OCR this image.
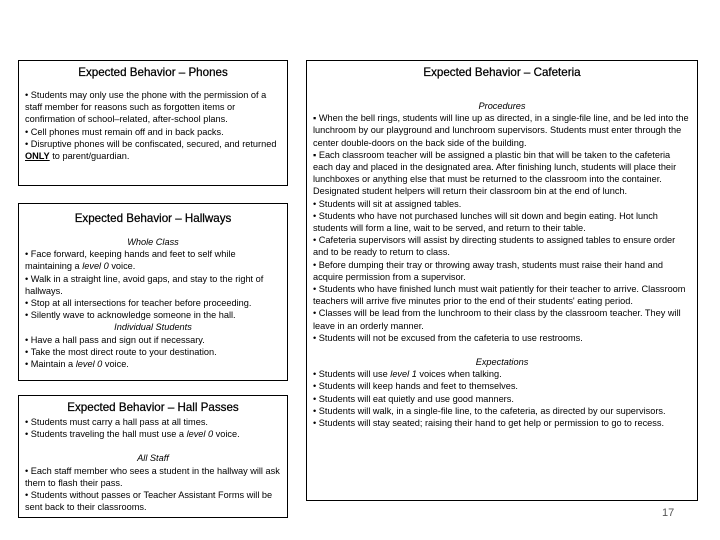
Expected Behavior – Phones
• Students may only use the phone with the permission of a staff member for reasons such as forgotten items or confirmation of school–related, after-school plans.
• Cell phones must remain off and in back packs.
• Disruptive phones will be confiscated, secured, and returned ONLY to parent/guardian.
Expected Behavior – Hallways
Whole Class
• Face forward, keeping hands and feet to self while maintaining a level 0 voice.
• Walk in a straight line, avoid gaps, and stay to the right of hallways.
• Stop at all intersections for teacher before proceeding.
• Silently wave to acknowledge someone in the hall.
Individual Students
• Have a hall pass and sign out if necessary.
• Take the most direct route to your destination.
• Maintain a level 0 voice.
Expected Behavior – Hall Passes
• Students must carry a hall pass at all times.
• Students traveling the hall must use a level 0 voice.
All Staff
• Each staff member who sees a student in the hallway will ask them to flash their pass.
• Students without passes or Teacher Assistant Forms will be sent back to their classrooms.
Expected Behavior – Cafeteria
Procedures
▪ When the bell rings, students will line up as directed, in a single-file line, and be led into the lunchroom by our playground and lunchroom supervisors. Students must enter through the center double-doors on the back side of the building.
▪ Each classroom teacher will be assigned a plastic bin that will be taken to the cafeteria each day and placed in the designated area. After finishing lunch, students will place their lunchboxes or anything else that must be returned to the classroom into the container. Designated student helpers will return their classroom bin at the end of lunch.
• Students will sit at assigned tables.
• Students who have not purchased lunches will sit down and begin eating. Hot lunch students will form a line, wait to be served, and return to their table.
• Cafeteria supervisors will assist by directing students to assigned tables to ensure order and to be ready to return to class.
• Before dumping their tray or throwing away trash, students must raise their hand and acquire permission from a supervisor.
• Students who have finished lunch must wait patiently for their teacher to arrive. Classroom teachers will arrive five minutes prior to the end of their students' eating period.
• Classes will be lead from the lunchroom to their class by the classroom teacher. They will leave in an orderly manner.
• Students will not be excused from the cafeteria to use restrooms.
Expectations
• Students will use level 1 voices when talking.
• Students will keep hands and feet to themselves.
• Students will eat quietly and use good manners.
• Students will walk, in a single-file line, to the cafeteria, as directed by our supervisors.
• Students will stay seated; raising their hand to get help or permission to go to recess.
17
